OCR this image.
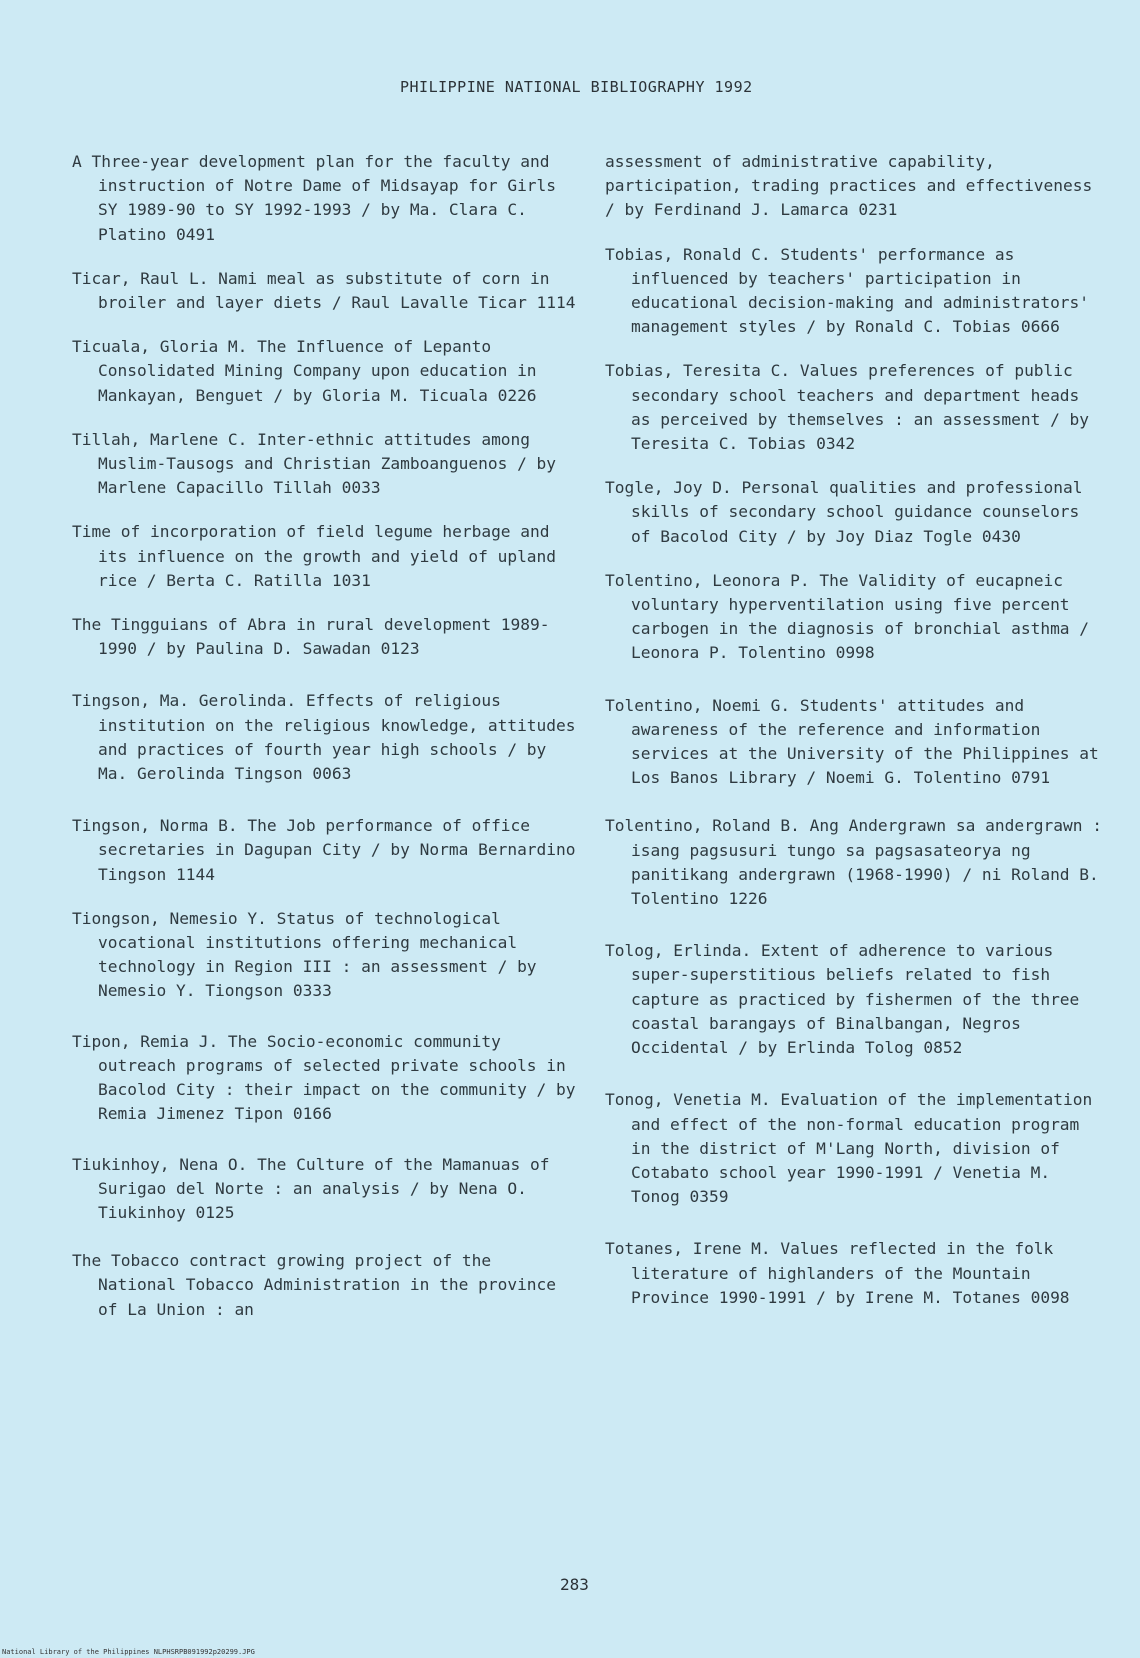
PHILIPPINE NATIONAL BIBLIOGRAPHY 1992
A Three-year development plan for the faculty and instruction of Notre Dame of Midsayap for Girls SY 1989-90 to SY 1992-1993 / by Ma. Clara C. Platino 0491
Ticar, Raul L. Nami meal as substitute of corn in broiler and layer diets / Raul Lavalle Ticar 1114
Ticuala, Gloria M. The Influence of Lepanto Consolidated Mining Company upon education in Mankayan, Benguet / by Gloria M. Ticuala 0226
Tillah, Marlene C. Inter-ethnic attitudes among Muslim-Tausogs and Christian Zamboanguenos / by Marlene Capacillo Tillah 0033
Time of incorporation of field legume herbage and its influence on the growth and yield of upland rice / Berta C. Ratilla 1031
The Tingguians of Abra in rural development 1989-1990 / by Paulina D. Sawadan 0123
Tingson, Ma. Gerolinda. Effects of religious institution on the religious knowledge, attitudes and practices of fourth year high schools / by Ma. Gerolinda Tingson 0063
Tingson, Norma B. The Job performance of office secretaries in Dagupan City / by Norma Bernardino Tingson 1144
Tiongson, Nemesio Y. Status of technological vocational institutions offering mechanical technology in Region III : an assessment / by Nemesio Y. Tiongson 0333
Tipon, Remia J. The Socio-economic community outreach programs of selected private schools in Bacolod City : their impact on the community / by Remia Jimenez Tipon 0166
Tiukinhoy, Nena O. The Culture of the Mamanuas of Surigao del Norte : an analysis / by Nena O. Tiukinhoy 0125
The Tobacco contract growing project of the National Tobacco Administration in the province of La Union : an
assessment of administrative capability, participation, trading practices and effectiveness / by Ferdinand J. Lamarca 0231
Tobias, Ronald C. Students' performance as influenced by teachers' participation in educational decision-making and administrators' management styles / by Ronald C. Tobias 0666
Tobias, Teresita C. Values preferences of public secondary school teachers and department heads as perceived by themselves : an assessment / by Teresita C. Tobias 0342
Togle, Joy D. Personal qualities and professional skills of secondary school guidance counselors of Bacolod City / by Joy Diaz Togle 0430
Tolentino, Leonora P. The Validity of eucapneic voluntary hyperventilation using five percent carbogen in the diagnosis of bronchial asthma / Leonora P. Tolentino 0998
Tolentino, Noemi G. Students' attitudes and awareness of the reference and information services at the University of the Philippines at Los Banos Library / Noemi G. Tolentino 0791
Tolentino, Roland B. Ang Andergrawn sa andergrawn : isang pagsusuri tungo sa pagsasateorya ng panitikang andergrawn (1968-1990) / ni Roland B. Tolentino 1226
Tolog, Erlinda. Extent of adherence to various super-superstitious beliefs related to fish capture as practiced by fishermen of the three coastal barangays of Binalbangan, Negros Occidental / by Erlinda Tolog 0852
Tonog, Venetia M. Evaluation of the implementation and effect of the non-formal education program in the district of M'Lang North, division of Cotabato school year 1990-1991 / Venetia M. Tonog 0359
Totanes, Irene M. Values reflected in the folk literature of highlanders of the Mountain Province 1990-1991 / by Irene M. Totanes 0098
283
National Library of the Philippines NLPHSRPB091992p20299.JPG
